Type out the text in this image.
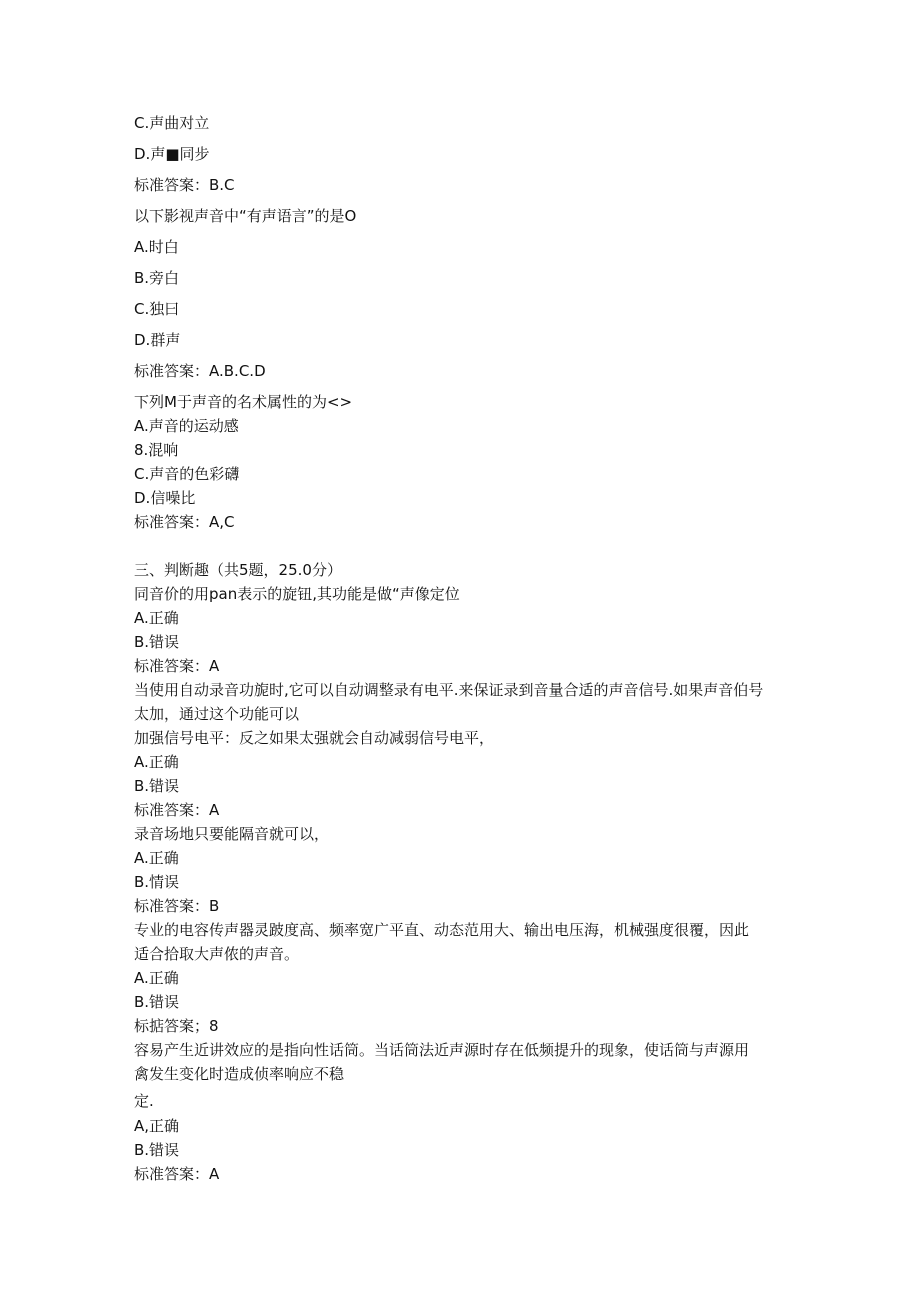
C.声曲对立
D.声■同步
标准答案：B.C
以下影视声音中“有声语言”的是O
A.时白
B.旁白
C.独曰
D.群声
标准答案：A.B.C.D
下列M于声音的名术属性的为<>
A.声音的运动感
8.混响
C.声音的色彩礴
D.信噪比
标准答案：A,C
三、判断趣（共5题，25.0分）
同音价的用pan表示的旋钮,其功能是做“声像定位
A.正确
B.错误
标准答案：A
当使用自动录音功旎时,它可以自动调整录有电平.来保证录到音量合适的声音信号.如果声音伯号
太加，通过这个功能可以
加强信号电平：反之如果太强就会自动减弱信号电平，
A.正确
B.错误
标准答案：A
录音场地只要能隔音就可以，
A.正确
B.情误
标准答案：B
专业的电容传声器灵跛度高、频率宽广平直、动态范用大、输出电压海，机械强度很覆，因此
适合拾取大声侬的声音。
A.正确
B.错误
标掂答案；8
容易产生近讲效应的是指向性话筒。当话筒法近声源时存在低频提升的现象，使话筒与声源用
禽发生变化时造成侦率响应不稳
定.
A,正确
B.错误
标准答案：A
